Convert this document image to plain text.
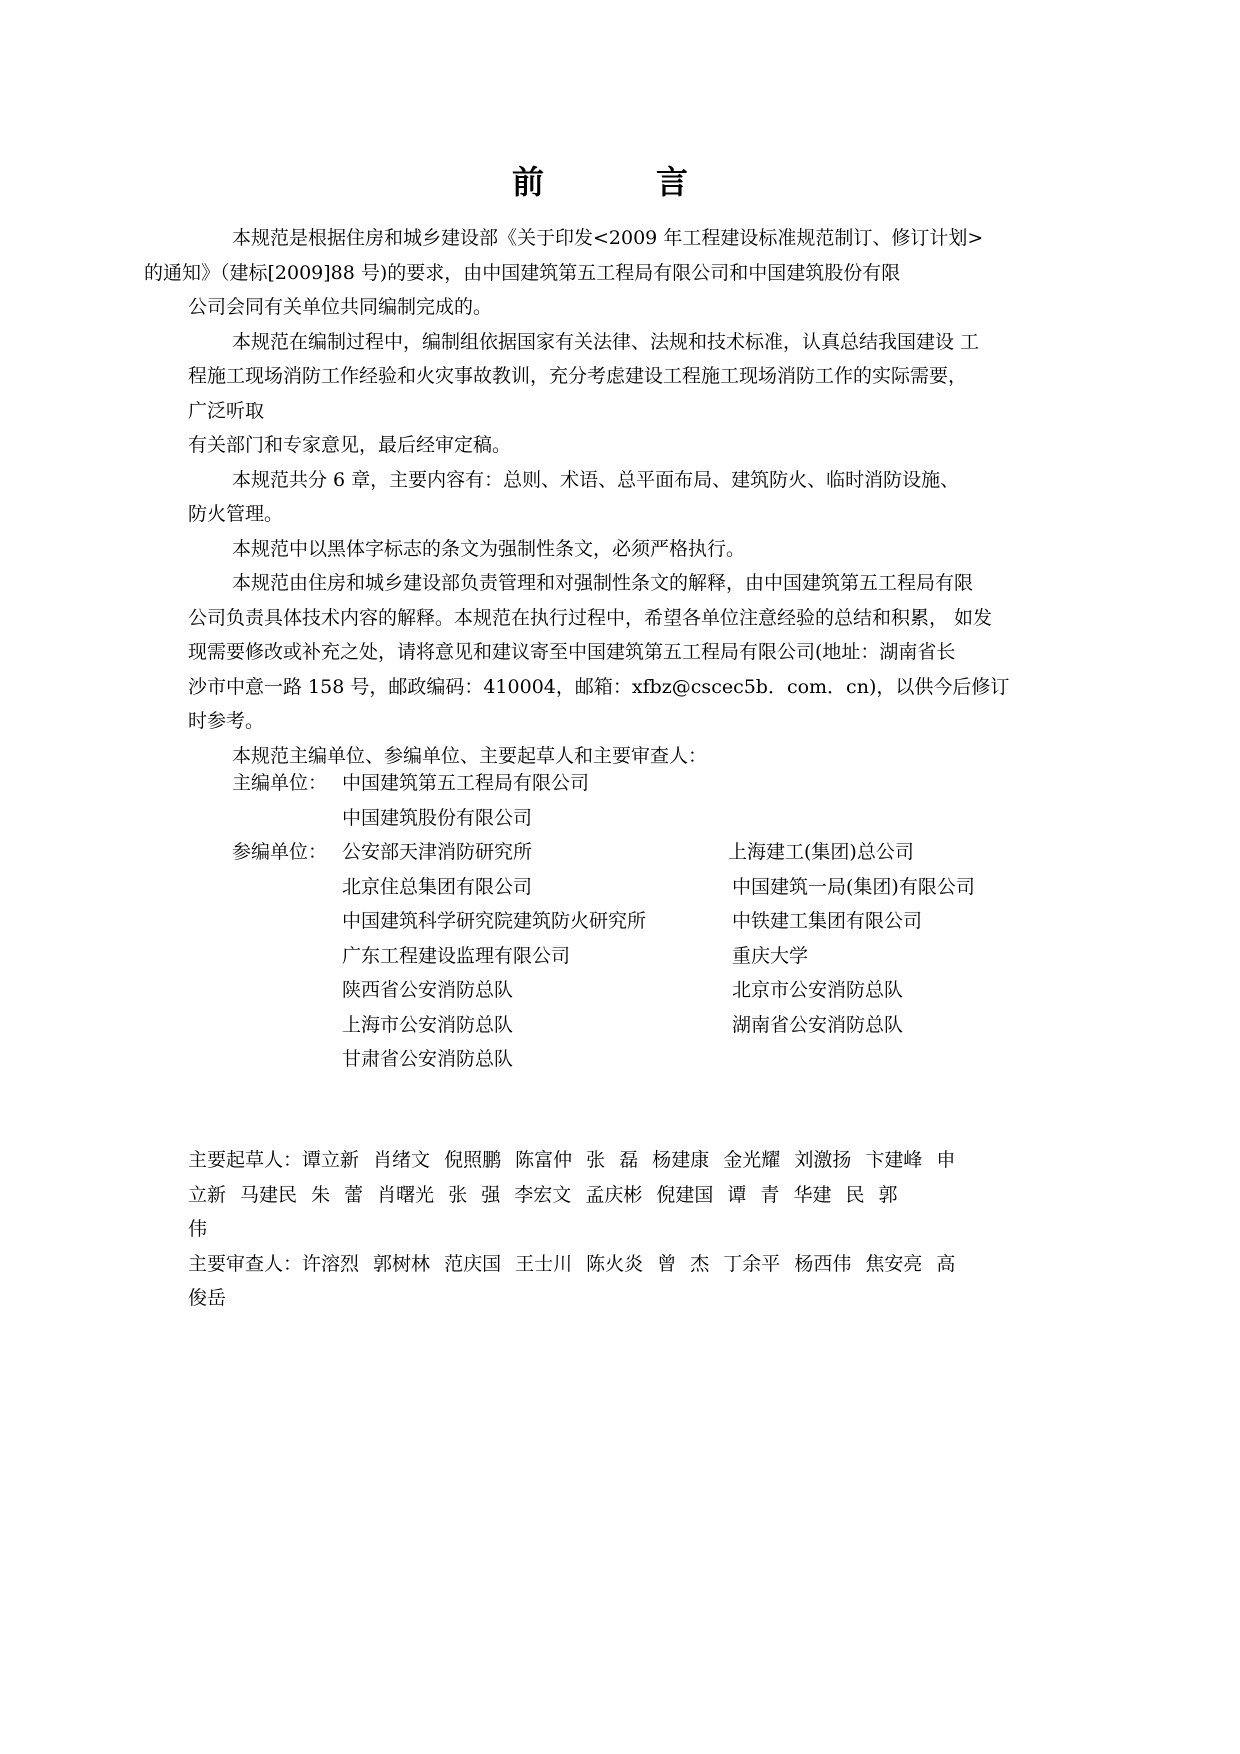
前　言

本规范是根据住房和城乡建设部《关于印发<2009 年工程建设标准规范制订、修订计划>
的通知》（建标[2009]88 号)的要求，由中国建筑第五工程局有限公司和中国建筑股份有限
公司会同有关单位共同编制完成的。

本规范在编制过程中，编制组依据国家有关法律、法规和技术标准，认真总结我国建设 工
程施工现场消防工作经验和火灾事故教训，充分考虑建设工程施工现场消防工作的实际需要，
广泛听取
有关部门和专家意见，最后经审定稿。

本规范共分 6 章，主要内容有：总则、术语、总平面布局、建筑防火、临时消防设施、
防火管理。

本规范中以黑体字标志的条文为强制性条文，必须严格执行。

本规范由住房和城乡建设部负责管理和对强制性条文的解释，由中国建筑第五工程局有限
公司负责具体技术内容的解释。本规范在执行过程中，希望各单位注意经验的总结和积累， 如发
现需要修改或补充之处，请将意见和建议寄至中国建筑第五工程局有限公司(地址：湖南省长
沙市中意一路 158 号，邮政编码：410004，邮箱：xfbz@cscec5b．com．cn)，以供今后修订
时参考。

本规范主编单位、参编单位、主要起草人和主要审查人：

主编单位： 中国建筑第五工程局有限公司
中国建筑股份有限公司
参编单位： 公安部天津消防研究所	上海建工(集团)总公司
北京住总集团有限公司	中国建筑一局(集团)有限公司
中国建筑科学研究院建筑防火研究所	中铁建工集团有限公司
广东工程建设监理有限公司	重庆大学
陕西省公安消防总队	北京市公安消防总队
上海市公安消防总队	湖南省公安消防总队
甘肃省公安消防总队
主要起草人：谭立新 肖绪文 倪照鹏 陈富仲 张 磊 杨建康 金光耀 刘激扬 卞建峰 申
立新 马建民 朱 蕾 肖曙光 张 强 李宏文 孟庆彬 倪建国 谭 青 华建 民 郭
伟
主要审查人：许溶烈 郭树林 范庆国 王士川 陈火炎 曾 杰 丁余平 杨西伟 焦安亮 高
俊岳
